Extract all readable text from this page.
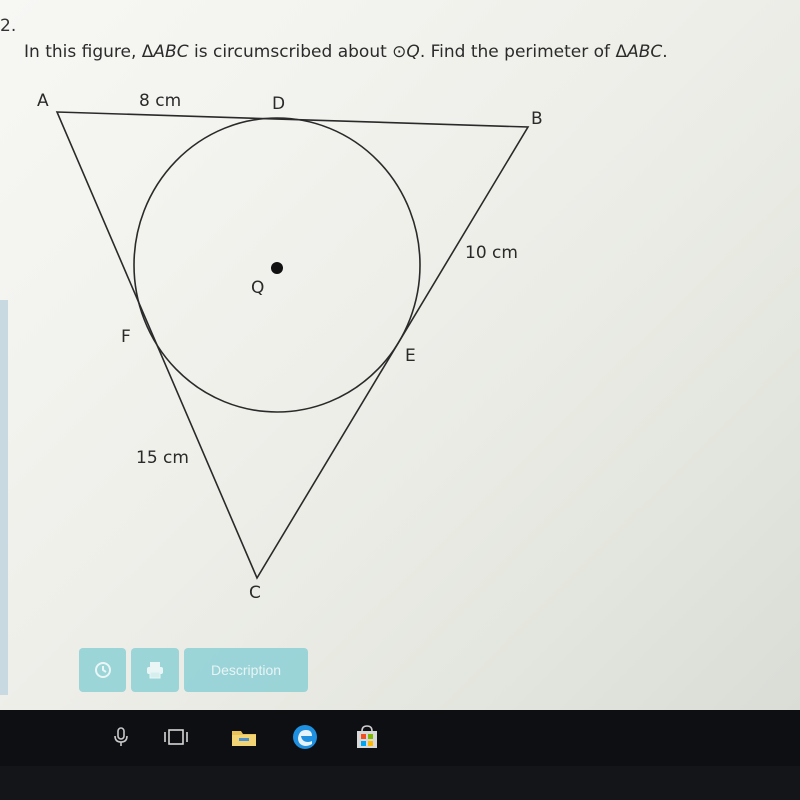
2.
In this figure, ΔABC is circumscribed about ⊙Q. Find the perimeter of ΔABC.
A
B
C
D
E
F
Q
8 cm
10 cm
15 cm
Description
